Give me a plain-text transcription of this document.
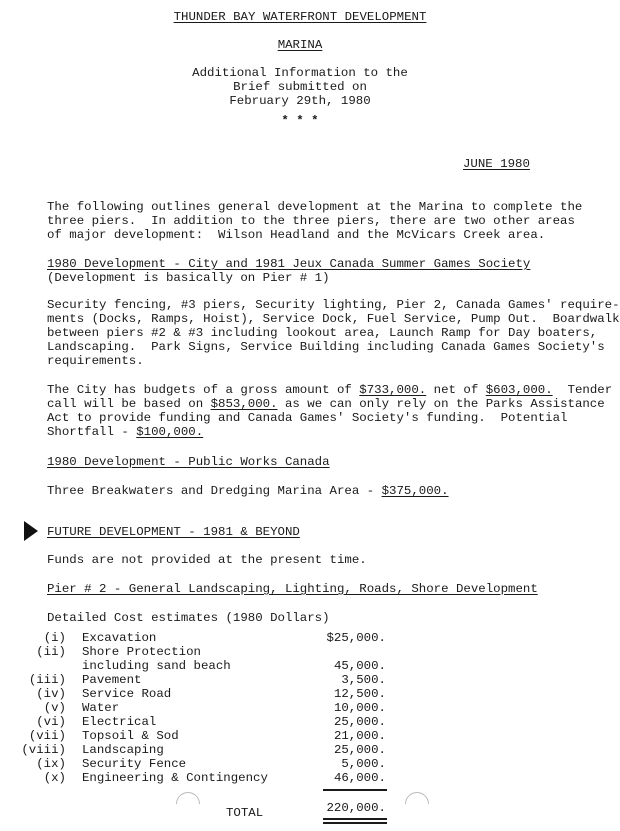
THUNDER BAY WATERFRONT DEVELOPMENT
MARINA
Additional Information to the
Brief submitted on
February 29th, 1980
* * *
JUNE 1980
The following outlines general development at the Marina to complete the
three piers.  In addition to the three piers, there are two other areas
of major development:  Wilson Headland and the McVicars Creek area.
1980 Development - City and 1981 Jeux Canada Summer Games Society
(Development is basically on Pier # 1)
Security fencing, #3 piers, Security lighting, Pier 2, Canada Games' require-
ments (Docks, Ramps, Hoist), Service Dock, Fuel Service, Pump Out.  Boardwalk
between piers #2 & #3 including lookout area, Launch Ramp for Day boaters,
Landscaping.  Park Signs, Service Building including Canada Games Society's
requirements.
The City has budgets of a gross amount of $733,000. net of $603,000.  Tender
call will be based on $853,000. as we can only rely on the Parks Assistance
Act to provide funding and Canada Games' Society's funding.  Potential
Shortfall - $100,000.
1980 Development - Public Works Canada
Three Breakwaters and Dredging Marina Area - $375,000.
FUTURE DEVELOPMENT - 1981 & BEYOND
Funds are not provided at the present time.
Pier # 2 - General Landscaping, Lighting, Roads, Shore Development
Detailed Cost estimates (1980 Dollars)
(i) Excavation	$25,000.
(ii) Shore Protection
including sand beach	45,000.
(iii) Pavement	3,500.
(iv) Service Road	12,500.
(v) Water	10,000.
(vi) Electrical	25,000.
(vii) Topsoil & Sod	21,000.
(viii) Landscaping	25,000.
(ix) Security Fence	5,000.
(x) Engineering & Contingency	46,000.
TOTAL	220,000.
